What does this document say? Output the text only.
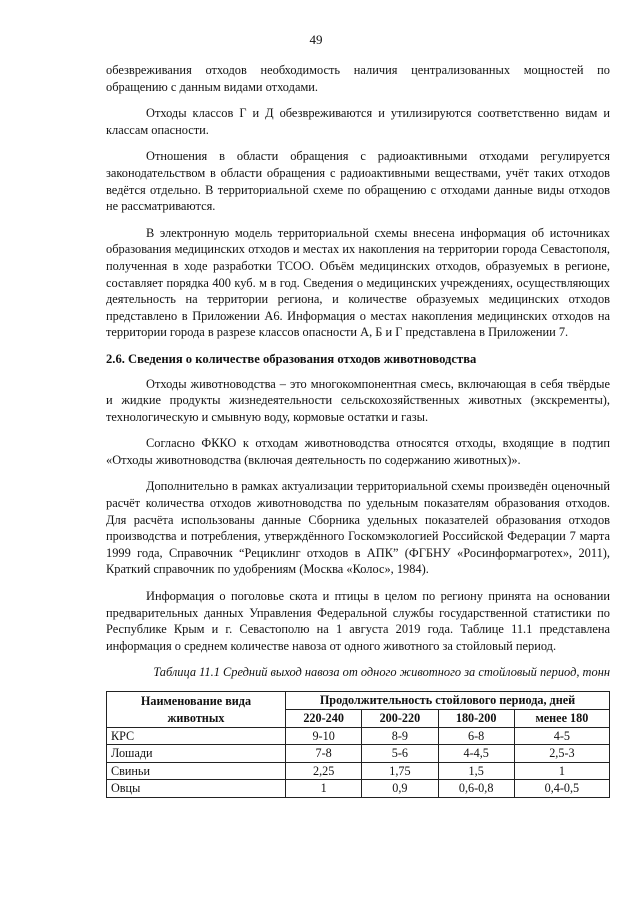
49

обезвреживания отходов необходимость наличия централизованных мощностей по обращению с данным видами отходами.

Отходы классов Г и Д обезвреживаются и утилизируются соответственно видам и классам опасности.

Отношения в области обращения с радиоактивными отходами регулируется законодательством в области обращения с радиоактивными веществами, учёт таких отходов ведётся отдельно. В территориальной схеме по обращению с отходами данные виды отходов не рассматриваются.

В электронную модель территориальной схемы внесена информация об источниках образования медицинских отходов и местах их накопления на территории города Севастополя, полученная в ходе разработки ТСОО. Объём медицинских отходов, образуемых в регионе, составляет порядка 400 куб. м в год. Сведения о медицинских учреждениях, осуществляющих деятельность на территории региона, и количестве образуемых медицинских отходов представлено в Приложении А6. Информация о местах накопления медицинских отходов на территории города в разрезе классов опасности А, Б и Г представлена в Приложении 7.

2.6. Сведения о количестве образования отходов животноводства

Отходы животноводства – это многокомпонентная смесь, включающая в себя твёрдые и жидкие продукты жизнедеятельности сельскохозяйственных животных (экскременты), технологическую и смывную воду, кормовые остатки и газы.

Согласно ФККО к отходам животноводства относятся отходы, входящие в подтип «Отходы животноводства (включая деятельность по содержанию животных)».

Дополнительно в рамках актуализации территориальной схемы произведён оценочный расчёт количества отходов животноводства по удельным показателям образования отходов. Для расчёта использованы данные Сборника удельных показателей образования отходов производства и потребления, утверждённого Госкомэкологией Российской Федерации 7 марта 1999 года, Справочник “Рециклинг отходов в АПК” (ФГБНУ «Росинформагротех», 2011), Краткий справочник по удобрениям (Москва «Колос», 1984).

Информация о поголовье скота и птицы в целом по региону принята на основании предварительных данных Управления Федеральной службы государственной статистики по Республике Крым и г. Севастополю на 1 августа 2019 года. Таблице 11.1 представлена информация о среднем количестве навоза от одного животного за стойловый период.

Таблица 11.1 Средний выход навоза от одного животного за стойловый период, тонн
Наименование вида животных	Продолжительность стойлового периода, дней			
	220-240	200-220	180-200	менее 180
КРС	9-10	8-9	6-8	4-5
Лошади	7-8	5-6	4-4,5	2,5-3
Свиньи	2,25	1,75	1,5	1
Овцы	1	0,9	0,6-0,8	0,4-0,5
